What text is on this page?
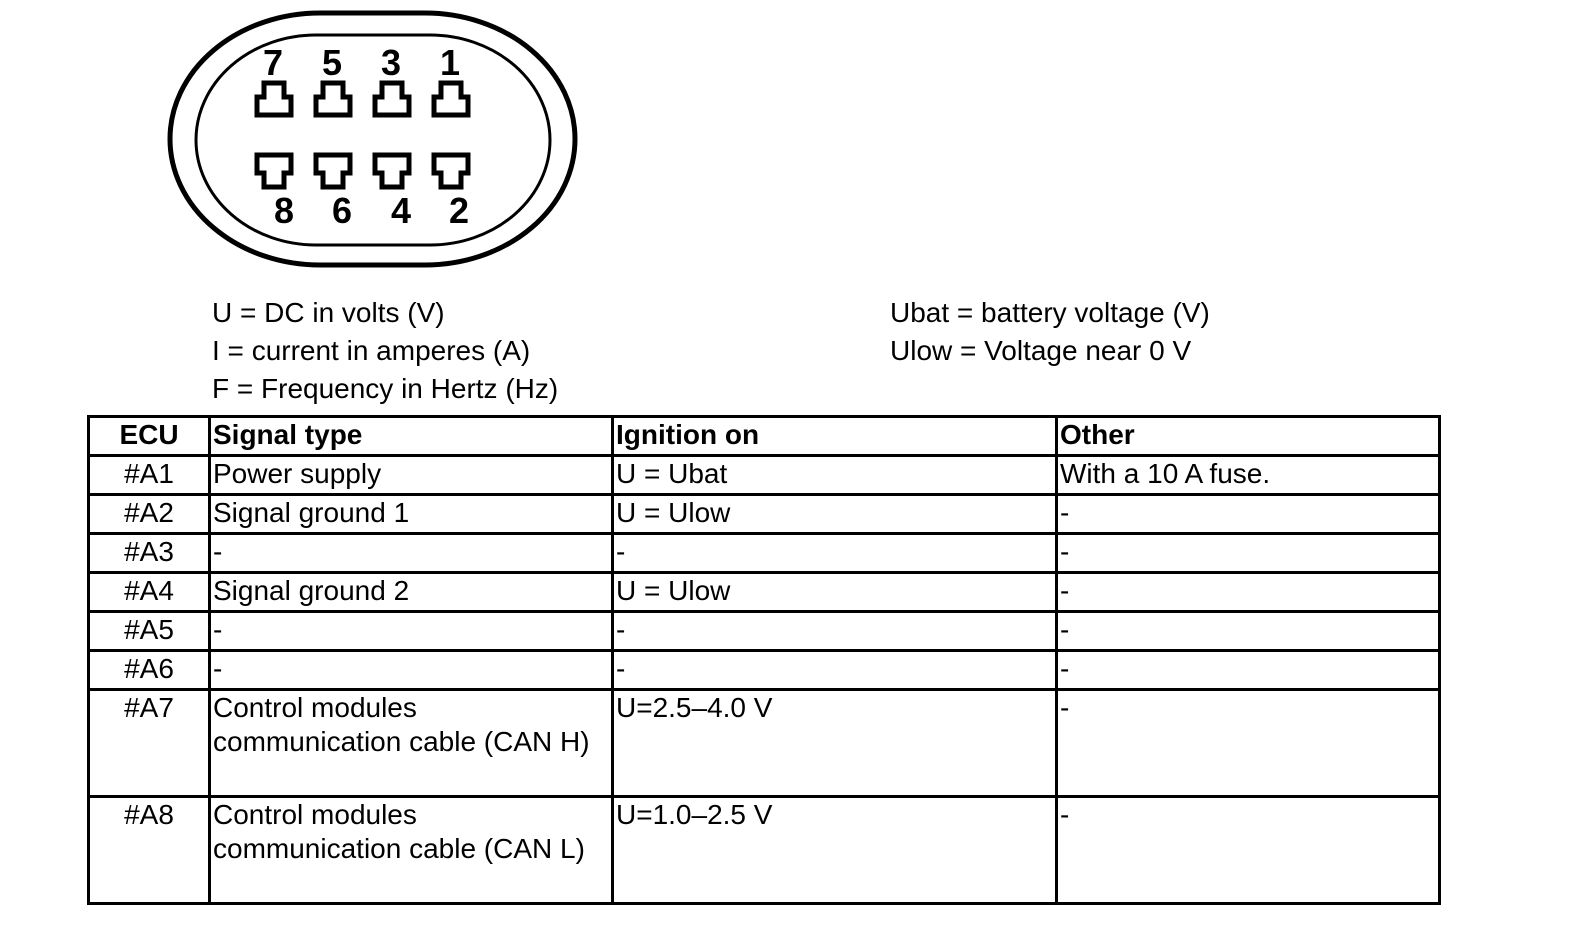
7 5 3 1
8 6 4 2
U = DC in volts (V)
I = current in amperes (A)
F = Frequency in Hertz (Hz)
Ubat = battery voltage (V)
Ulow = Voltage near 0 V
ECU	Signal type	Ignition on	Other
#A1	Power supply	U = Ubat	With a 10 A fuse.
#A2	Signal ground 1	U = Ulow	-
#A3	-	-	-
#A4	Signal ground 2	U = Ulow	-
#A5	-	-	-
#A6	-	-	-
#A7	Control modules communication cable (CAN H)	U=2.5–4.0 V	-
#A8	Control modules communication cable (CAN L)	U=1.0–2.5 V	-
